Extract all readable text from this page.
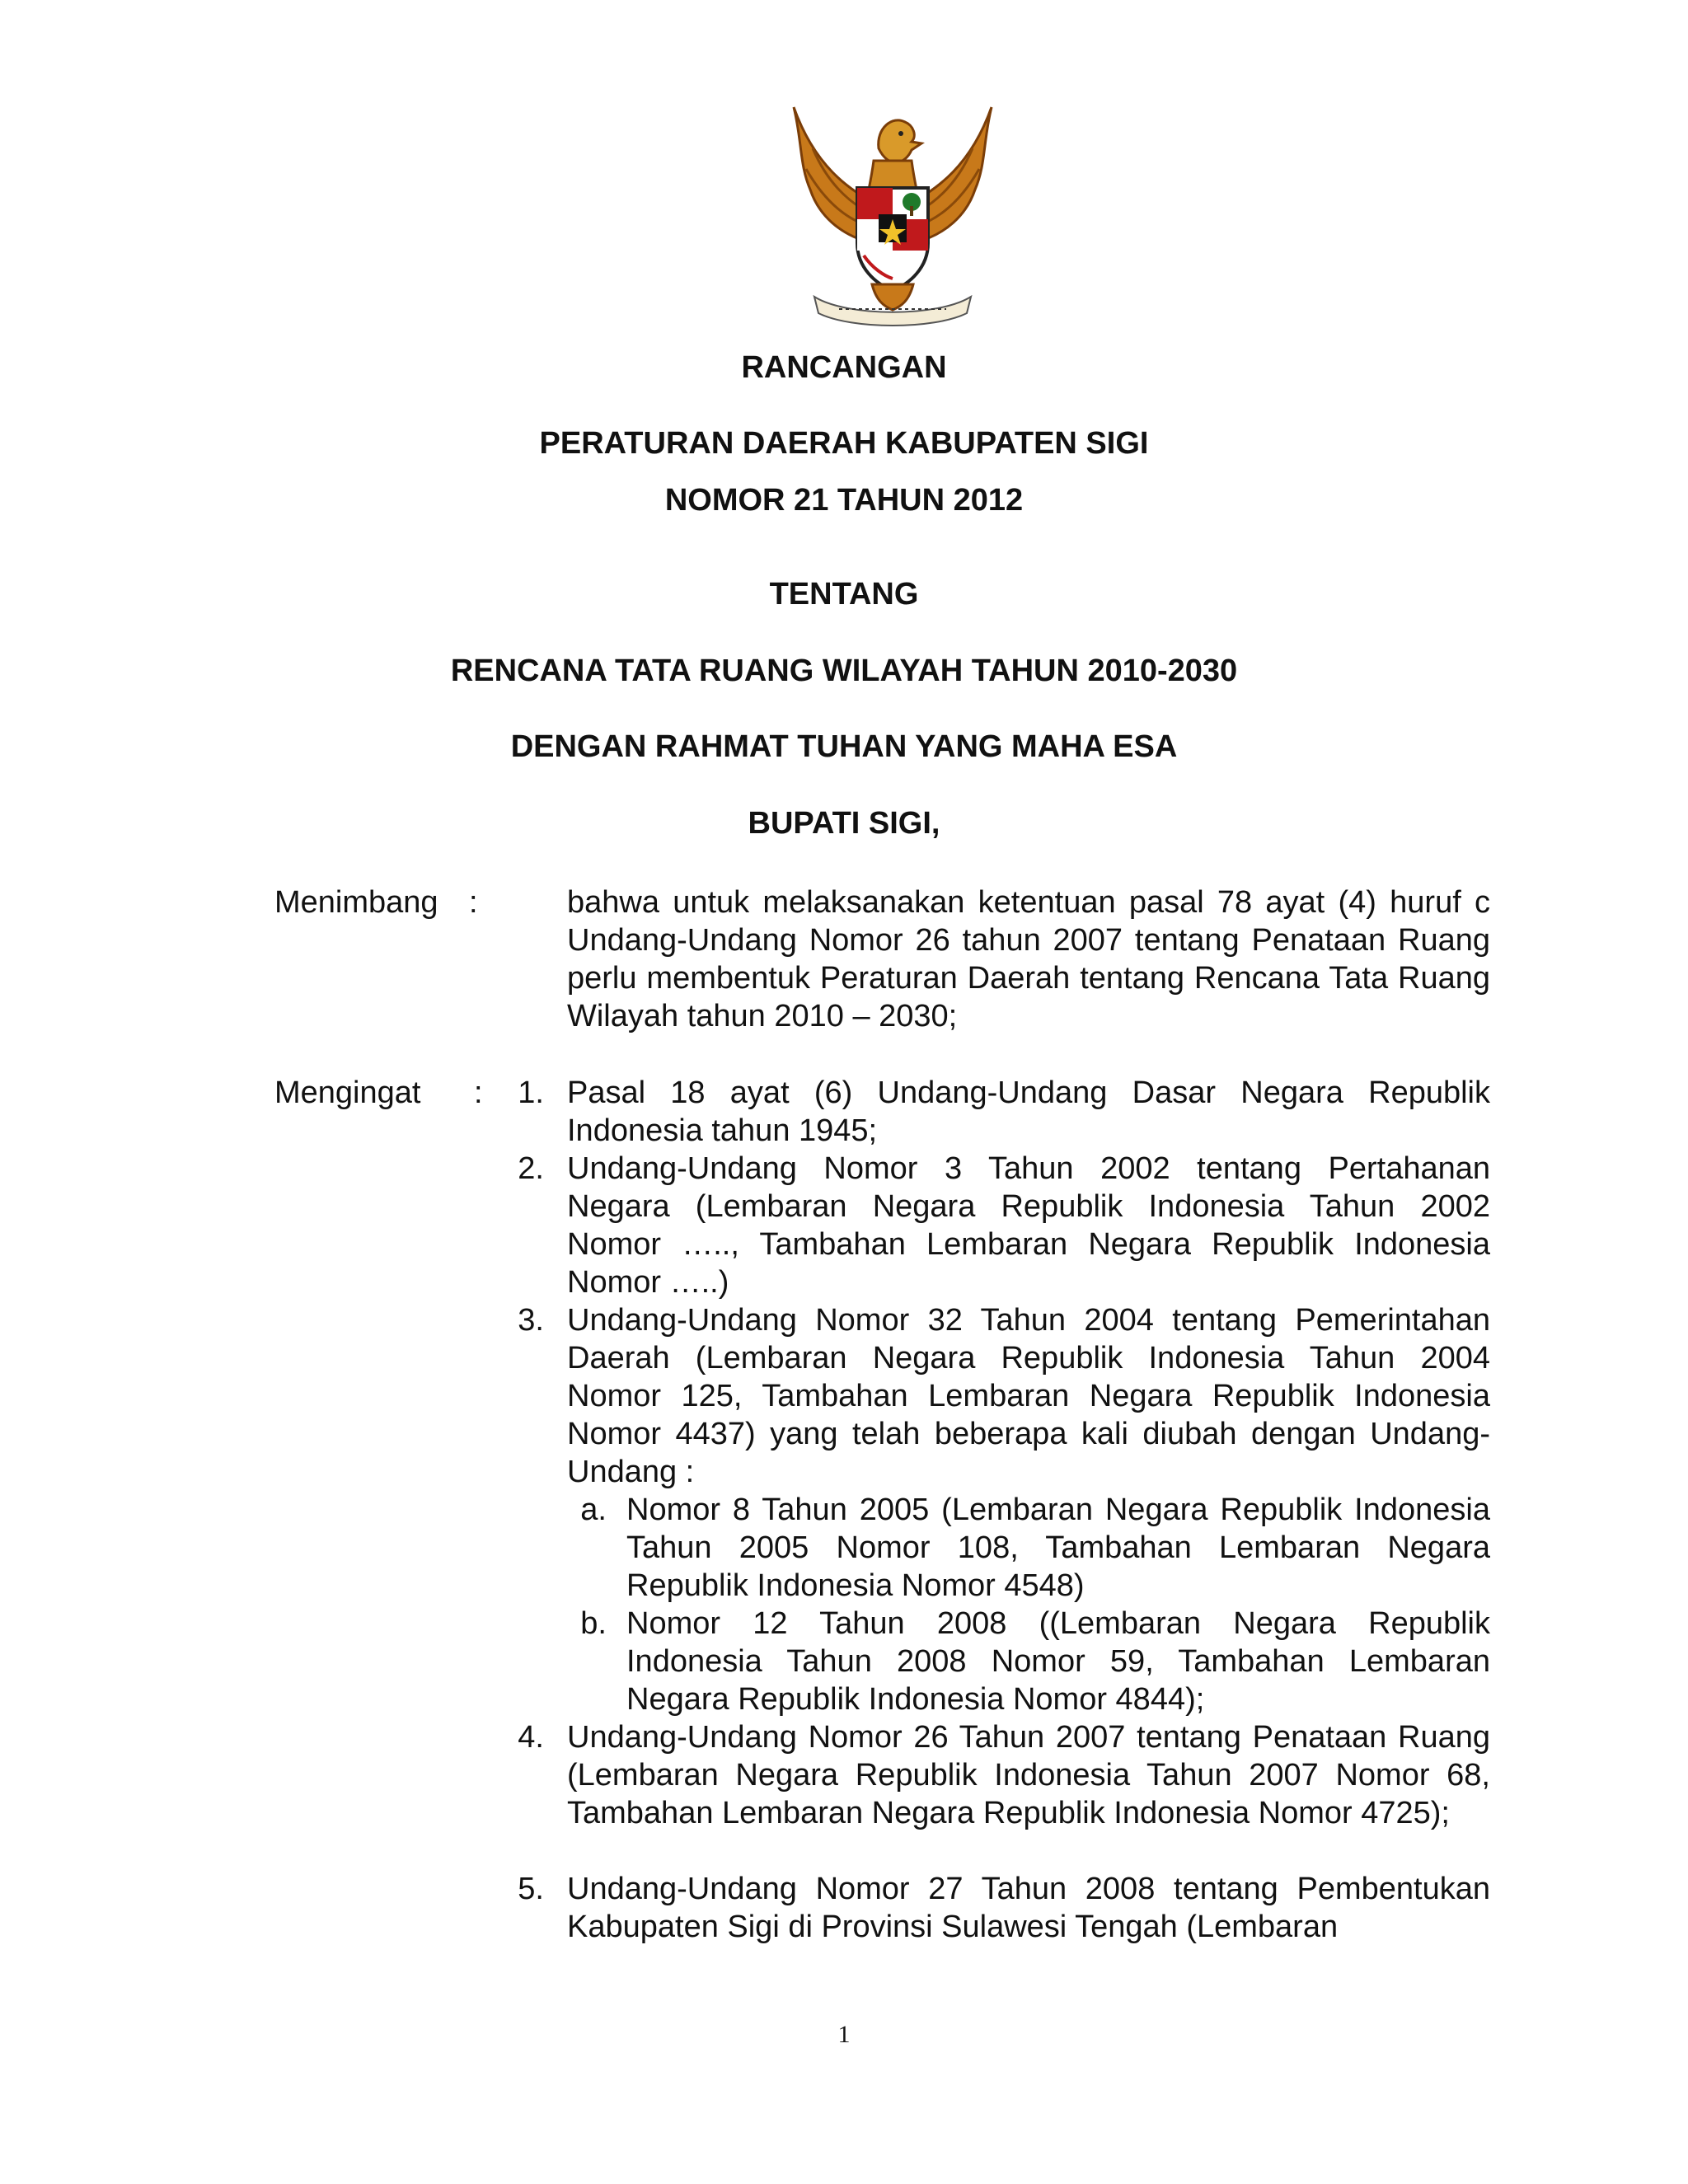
RANCANGAN
PERATURAN DAERAH KABUPATEN SIGI
NOMOR 21 TAHUN 2012
TENTANG
RENCANA TATA RUANG WILAYAH TAHUN 2010-2030
DENGAN RAHMAT TUHAN YANG MAHA ESA
BUPATI SIGI,
Menimbang :	bahwa untuk melaksanakan ketentuan pasal 78 ayat (4) huruf c Undang-Undang Nomor 26 tahun 2007 tentang Penataan Ruang perlu membentuk Peraturan Daerah tentang Rencana Tata Ruang Wilayah tahun 2010 – 2030;
Mengingat :	1. Pasal 18 ayat (6) Undang-Undang Dasar Negara Republik Indonesia tahun 1945;
2. Undang-Undang Nomor 3 Tahun 2002 tentang Pertahanan Negara (Lembaran Negara Republik Indonesia Tahun 2002 Nomor ….., Tambahan Lembaran Negara Republik Indonesia Nomor …..)
3. Undang-Undang Nomor 32 Tahun 2004 tentang Pemerintahan Daerah (Lembaran Negara Republik Indonesia Tahun 2004 Nomor 125, Tambahan Lembaran Negara Republik Indonesia Nomor 4437) yang telah beberapa kali diubah dengan Undang-Undang :
a. Nomor 8 Tahun 2005 (Lembaran Negara Republik Indonesia Tahun 2005 Nomor 108, Tambahan Lembaran Negara Republik Indonesia Nomor 4548)
b. Nomor 12 Tahun 2008 ((Lembaran Negara Republik Indonesia Tahun 2008 Nomor 59, Tambahan Lembaran Negara Republik Indonesia Nomor 4844);
4. Undang-Undang Nomor 26 Tahun 2007 tentang Penataan Ruang (Lembaran Negara Republik Indonesia Tahun 2007 Nomor 68, Tambahan Lembaran Negara Republik Indonesia Nomor 4725);
5. Undang-Undang Nomor 27 Tahun 2008 tentang Pembentukan Kabupaten Sigi di Provinsi Sulawesi Tengah (Lembaran
1
